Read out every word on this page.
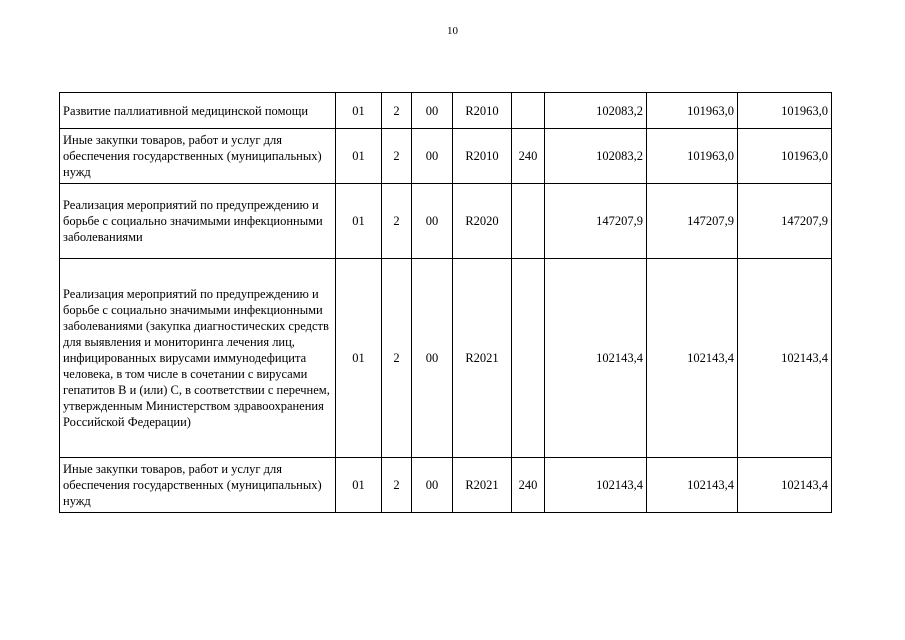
10
Развитие паллиативной медицинской помощи	01	2	00	R2010		102083,2	101963,0	101963,0
Иные закупки товаров, работ и услуг для обеспечения государственных (муниципальных) нужд	01	2	00	R2010	240	102083,2	101963,0	101963,0
Реализация мероприятий по предупреждению и борьбе с социально значимыми инфекционными заболеваниями	01	2	00	R2020		147207,9	147207,9	147207,9
Реализация мероприятий по предупреждению и борьбе с социально значимыми инфекционными заболеваниями (закупка диагностических средств для выявления и мониторинга лечения лиц, инфицированных вирусами иммунодефицита человека, в том числе в сочетании с вирусами гепатитов B и (или) C, в соответствии с перечнем, утвержденным Министерством здравоохранения Российской Федерации)	01	2	00	R2021		102143,4	102143,4	102143,4
Иные закупки товаров, работ и услуг для обеспечения государственных (муниципальных) нужд	01	2	00	R2021	240	102143,4	102143,4	102143,4
